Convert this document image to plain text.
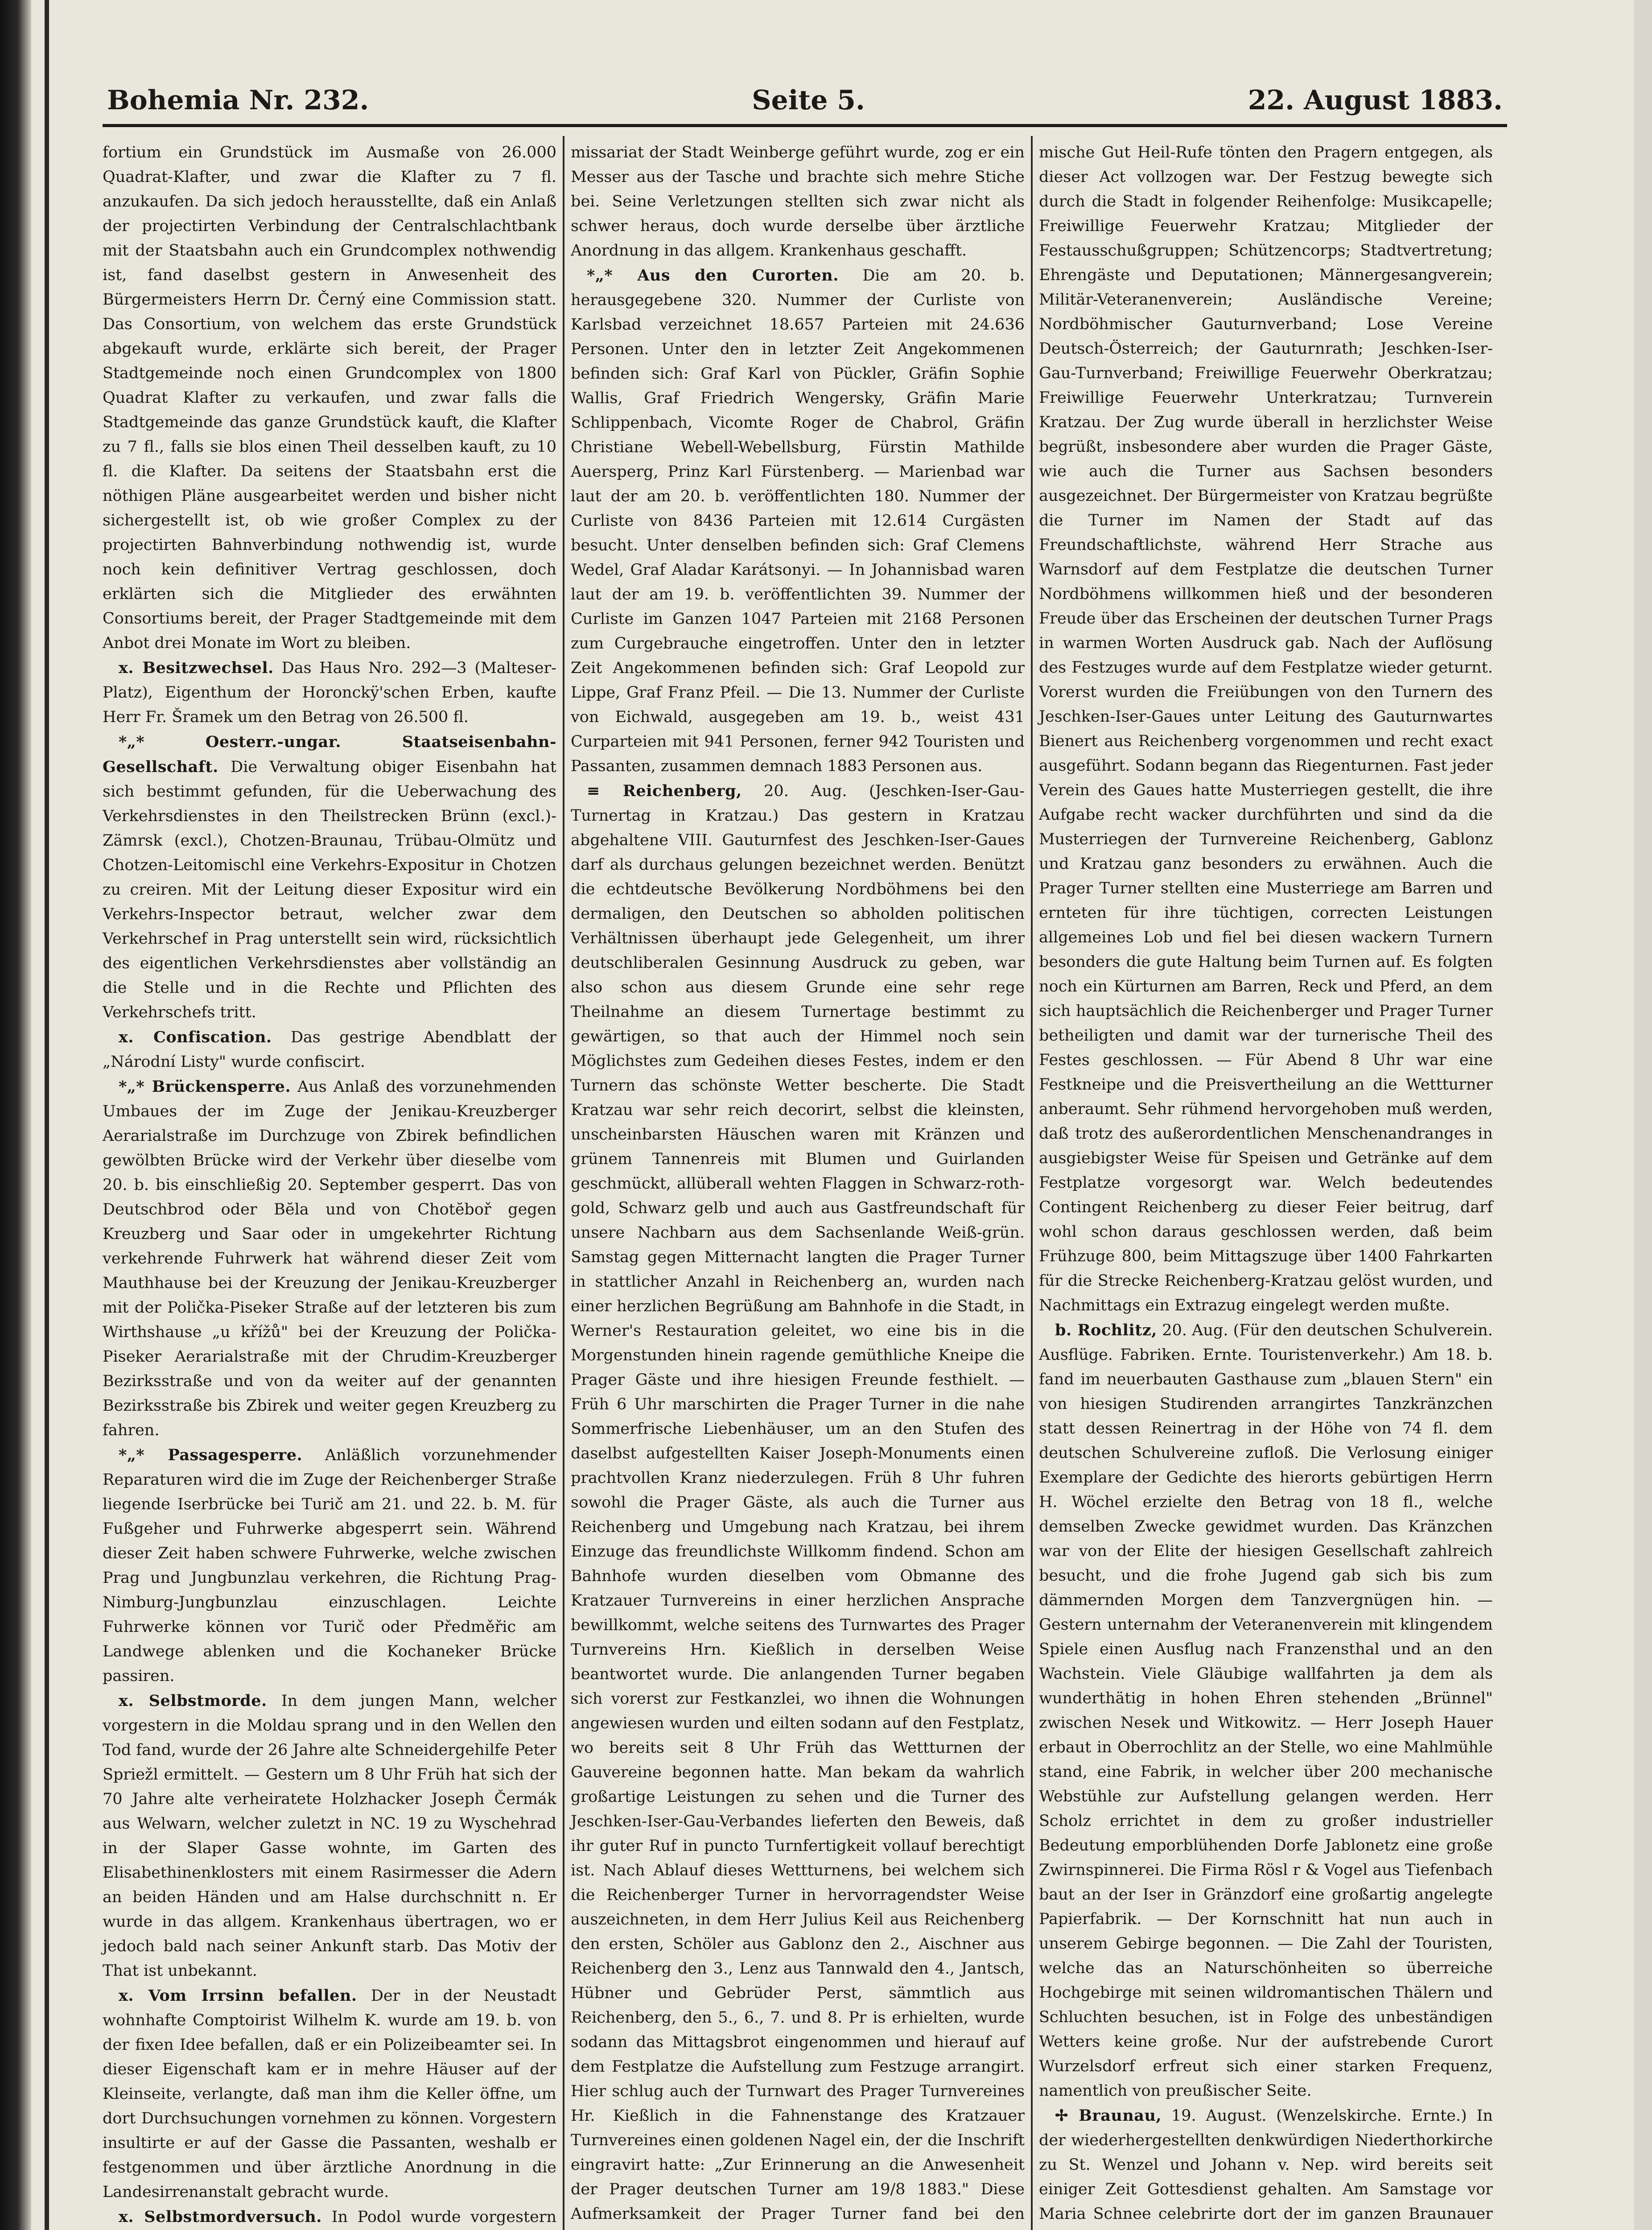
Bohemia Nr. 232.	Seite 5.	22. August 1883.

fortium ein Grundstück im Ausmaße von 26.000 Quadrat-Klafter, und zwar die Klafter zu 7 fl. anzukaufen. Da sich jedoch herausstellte, daß ein Anlaß der projectirten Verbindung der Centralschlachtbank mit der Staatsbahn auch ein Grundcomplex nothwendig ist, fand daselbst gestern in Anwesenheit des Bürgermeisters Herrn Dr. Černý eine Commission statt. Das Consortium, von welchem das erste Grundstück abgekauft wurde, erklärte sich bereit, der Prager Stadtgemeinde noch einen Grundcomplex von 1800 Quadrat Klafter zu verkaufen, und zwar falls die Stadtgemeinde das ganze Grundstück kauft, die Klafter zu 7 fl., falls sie blos einen Theil desselben kauft, zu 10 fl. die Klafter. Da seitens der Staatsbahn erst die nöthigen Pläne ausgearbeitet werden und bisher nicht sichergestellt ist, ob wie großer Complex zu der projectirten Bahnverbindung nothwendig ist, wurde noch kein definitiver Vertrag geschlossen, doch erklärten sich die Mitglieder des erwähnten Consortiums bereit, der Prager Stadtgemeinde mit dem Anbot drei Monate im Wort zu bleiben.

x. Besitzwechsel. Das Haus Nro. 292—3 (Malteser-Platz), Eigenthum der Horonckÿ'schen Erben, kaufte Herr Fr. Šramek um den Betrag von 26.500 fl.

*„* Oesterr.-ungar. Staatseisenbahn-Gesellschaft. Die Verwaltung obiger Eisenbahn hat sich bestimmt gefunden, für die Ueberwachung des Verkehrsdienstes in den Theilstrecken Brünn (excl.)-Zämrsk (excl.), Chotzen-Braunau, Trübau-Olmütz und Chotzen-Leitomischl eine Verkehrs-Expositur in Chotzen zu creiren. Mit der Leitung dieser Expositur wird ein Verkehrs-Inspector betraut, welcher zwar dem Verkehrschef in Prag unterstellt sein wird, rücksichtlich des eigentlichen Verkehrsdienstes aber vollständig an die Stelle und in die Rechte und Pflichten des Verkehrschefs tritt.

x. Confiscation. Das gestrige Abendblatt der „Národní Listy" wurde confiscirt.

*„* Brückensperre. Aus Anlaß des vorzunehmenden Umbaues der im Zuge der Jenikau-Kreuzberger Aerarialstraße im Durchzuge von Zbirek befindlichen gewölbten Brücke wird der Verkehr über dieselbe vom 20. b. bis einschließig 20. September gesperrt. Das von Deutschbrod oder Bĕla und von Chotĕboř gegen Kreuzberg und Saar oder in umgekehrter Richtung verkehrende Fuhrwerk hat während dieser Zeit vom Mauthhause bei der Kreuzung der Jenikau-Kreuzberger mit der Polička-Piseker Straße auf der letzteren bis zum Wirthshause „u křížů" bei der Kreuzung der Polička-Piseker Aerarialstraße mit der Chrudim-Kreuzberger Bezirksstraße und von da weiter auf der genannten Bezirksstraße bis Zbirek und weiter gegen Kreuzberg zu fahren.

*„* Passagesperre. Anläßlich vorzunehmender Reparaturen wird die im Zuge der Reichenberger Straße liegende Iserbrücke bei Turič am 21. und 22. b. M. für Fußgeher und Fuhrwerke abgesperrt sein. Während dieser Zeit haben schwere Fuhrwerke, welche zwischen Prag und Jungbunzlau verkehren, die Richtung Prag-Nimburg-Jungbunzlau einzuschlagen. Leichte Fuhrwerke können vor Turič oder Předměřic am Landwege ablenken und die Kochaneker Brücke passiren.

x. Selbstmorde. In dem jungen Mann, welcher vorgestern in die Moldau sprang und in den Wellen den Tod fand, wurde der 26 Jahre alte Schneidergehilfe Peter Spriežl ermittelt. — Gestern um 8 Uhr Früh hat sich der 70 Jahre alte verheiratete Holzhacker Joseph Čermák aus Welwarn, welcher zuletzt in NC. 19 zu Wyschehrad in der Slaper Gasse wohnte, im Garten des Elisabethinenklosters mit einem Rasirmesser die Adern an beiden Händen und am Halse durchschnitt n. Er wurde in das allgem. Krankenhaus übertragen, wo er jedoch bald nach seiner Ankunft starb. Das Motiv der That ist unbekannt.

x. Vom Irrsinn befallen. Der in der Neustadt wohnhafte Comptoirist Wilhelm K. wurde am 19. b. von der fixen Idee befallen, daß er ein Polizeibeamter sei. In dieser Eigenschaft kam er in mehre Häuser auf der Kleinseite, verlangte, daß man ihm die Keller öffne, um dort Durchsuchungen vornehmen zu können. Vorgestern insultirte er auf der Gasse die Passanten, weshalb er festgenommen und über ärztliche Anordnung in die Landesirrenanstalt gebracht wurde.

x. Selbstmordversuch. In Podol wurde vorgestern

missariat der Stadt Weinberge geführt wurde, zog er ein Messer aus der Tasche und brachte sich mehre Stiche bei. Seine Verletzungen stellten sich zwar nicht als schwer heraus, doch wurde derselbe über ärztliche Anordnung in das allgem. Krankenhaus geschafft.

*„* Aus den Curorten. Die am 20. b. herausgegebene 320. Nummer der Curliste von Karlsbad verzeichnet 18.657 Parteien mit 24.636 Personen. Unter den in letzter Zeit Angekommenen befinden sich: Graf Karl von Pückler, Gräfin Sophie Wallis, Graf Friedrich Wengersky, Gräfin Marie Schlippenbach, Vicomte Roger de Chabrol, Gräfin Christiane Webell-Webellsburg, Fürstin Mathilde Auersperg, Prinz Karl Fürstenberg. — Marienbad war laut der am 20. b. veröffentlichten 180. Nummer der Curliste von 8436 Parteien mit 12.614 Curgästen besucht. Unter denselben befinden sich: Graf Clemens Wedel, Graf Aladar Karátsonyi. — In Johannisbad waren laut der am 19. b. veröffentlichten 39. Nummer der Curliste im Ganzen 1047 Parteien mit 2168 Personen zum Curgebrauche eingetroffen. Unter den in letzter Zeit Angekommenen befinden sich: Graf Leopold zur Lippe, Graf Franz Pfeil. — Die 13. Nummer der Curliste von Eichwald, ausgegeben am 19. b., weist 431 Curparteien mit 941 Personen, ferner 942 Touristen und Passanten, zusammen demnach 1883 Personen aus.

≡ Reichenberg, 20. Aug. (Jeschken-Iser-Gau-Turnertag in Kratzau.) Das gestern in Kratzau abgehaltene VIII. Gauturnfest des Jeschken-Iser-Gaues darf als durchaus gelungen bezeichnet werden. Benützt die echtdeutsche Bevölkerung Nordböhmens bei den dermaligen, den Deutschen so abholden politischen Verhältnissen überhaupt jede Gelegenheit, um ihrer deutschliberalen Gesinnung Ausdruck zu geben, war also schon aus diesem Grunde eine sehr rege Theilnahme an diesem Turnertage bestimmt zu gewärtigen, so that auch der Himmel noch sein Möglichstes zum Gedeihen dieses Festes, indem er den Turnern das schönste Wetter bescherte. Die Stadt Kratzau war sehr reich decorirt, selbst die kleinsten, unscheinbarsten Häuschen waren mit Kränzen und grünem Tannenreis mit Blumen und Guirlanden geschmückt, allüberall wehten Flaggen in Schwarz-roth-gold, Schwarz gelb und auch aus Gastfreundschaft für unsere Nachbarn aus dem Sachsenlande Weiß-grün. Samstag gegen Mitternacht langten die Prager Turner in stattlicher Anzahl in Reichenberg an, wurden nach einer herzlichen Begrüßung am Bahnhofe in die Stadt, in Werner's Restauration geleitet, wo eine bis in die Morgenstunden hinein ragende gemüthliche Kneipe die Prager Gäste und ihre hiesigen Freunde festhielt. — Früh 6 Uhr marschirten die Prager Turner in die nahe Sommerfrische Liebenhäuser, um an den Stufen des daselbst aufgestellten Kaiser Joseph-Monuments einen prachtvollen Kranz niederzulegen. Früh 8 Uhr fuhren sowohl die Prager Gäste, als auch die Turner aus Reichenberg und Umgebung nach Kratzau, bei ihrem Einzuge das freundlichste Willkomm findend. Schon am Bahnhofe wurden dieselben vom Obmanne des Kratzauer Turnvereins in einer herzlichen Ansprache bewillkommt, welche seitens des Turnwartes des Prager Turnvereins Hrn. Kießlich in derselben Weise beantwortet wurde. Die anlangenden Turner begaben sich vorerst zur Festkanzlei, wo ihnen die Wohnungen angewiesen wurden und eilten sodann auf den Festplatz, wo bereits seit 8 Uhr Früh das Wettturnen der Gauvereine begonnen hatte. Man bekam da wahrlich großartige Leistungen zu sehen und die Turner des Jeschken-Iser-Gau-Verbandes lieferten den Beweis, daß ihr guter Ruf in puncto Turnfertigkeit vollauf berechtigt ist. Nach Ablauf dieses Wettturnens, bei welchem sich die Reichenberger Turner in hervorragendster Weise auszeichneten, in dem Herr Julius Keil aus Reichenberg den ersten, Schöler aus Gablonz den 2., Aischner aus Reichenberg den 3., Lenz aus Tannwald den 4., Jantsch, Hübner und Gebrüder Perst, sämmtlich aus Reichenberg, den 5., 6., 7. und 8. Pr is erhielten, wurde sodann das Mittagsbrot eingenommen und hierauf auf dem Festplatze die Aufstellung zum Festzuge arrangirt. Hier schlug auch der Turnwart des Prager Turnvereines Hr. Kießlich in die Fahnenstange des Kratzauer Turnvereines einen goldenen Nagel ein, der die Inschrift eingravirt hatte: „Zur Erinnerung an die Anwesenheit der Prager deutschen Turner am 19/8 1883." Diese Aufmerksamkeit der Prager Turner fand bei den

mische Gut Heil-Rufe tönten den Pragern entgegen, als dieser Act vollzogen war. Der Festzug bewegte sich durch die Stadt in folgender Reihenfolge: Musikcapelle; Freiwillige Feuerwehr Kratzau; Mitglieder der Festausschußgruppen; Schützencorps; Stadtvertretung; Ehrengäste und Deputationen; Männergesangverein; Militär-Veteranenverein; Ausländische Vereine; Nordböhmischer Gauturnverband; Lose Vereine Deutsch-Österreich; der Gauturnrath; Jeschken-Iser-Gau-Turnverband; Freiwillige Feuerwehr Oberkratzau; Freiwillige Feuerwehr Unterkratzau; Turnverein Kratzau. Der Zug wurde überall in herzlichster Weise begrüßt, insbesondere aber wurden die Prager Gäste, wie auch die Turner aus Sachsen besonders ausgezeichnet. Der Bürgermeister von Kratzau begrüßte die Turner im Namen der Stadt auf das Freundschaftlichste, während Herr Strache aus Warnsdorf auf dem Festplatze die deutschen Turner Nordböhmens willkommen hieß und der besonderen Freude über das Erscheinen der deutschen Turner Prags in warmen Worten Ausdruck gab. Nach der Auflösung des Festzuges wurde auf dem Festplatze wieder geturnt. Vorerst wurden die Freiübungen von den Turnern des Jeschken-Iser-Gaues unter Leitung des Gauturnwartes Bienert aus Reichenberg vorgenommen und recht exact ausgeführt. Sodann begann das Riegenturnen. Fast jeder Verein des Gaues hatte Musterriegen gestellt, die ihre Aufgabe recht wacker durchführten und sind da die Musterriegen der Turnvereine Reichenberg, Gablonz und Kratzau ganz besonders zu erwähnen. Auch die Prager Turner stellten eine Musterriege am Barren und ernteten für ihre tüchtigen, correcten Leistungen allgemeines Lob und fiel bei diesen wackern Turnern besonders die gute Haltung beim Turnen auf. Es folgten noch ein Kürturnen am Barren, Reck und Pferd, an dem sich hauptsächlich die Reichenberger und Prager Turner betheiligten und damit war der turnerische Theil des Festes geschlossen. — Für Abend 8 Uhr war eine Festkneipe und die Preisvertheilung an die Wettturner anberaumt. Sehr rühmend hervorgehoben muß werden, daß trotz des außerordentlichen Menschenandranges in ausgiebigster Weise für Speisen und Getränke auf dem Festplatze vorgesorgt war. Welch bedeutendes Contingent Reichenberg zu dieser Feier beitrug, darf wohl schon daraus geschlossen werden, daß beim Frühzuge 800, beim Mittagszuge über 1400 Fahrkarten für die Strecke Reichenberg-Kratzau gelöst wurden, und Nachmittags ein Extrazug eingelegt werden mußte.

b. Rochlitz, 20. Aug. (Für den deutschen Schulverein. Ausflüge. Fabriken. Ernte. Touristenverkehr.) Am 18. b. fand im neuerbauten Gasthause zum „blauen Stern" ein von hiesigen Studirenden arrangirtes Tanzkränzchen statt dessen Reinertrag in der Höhe von 74 fl. dem deutschen Schulvereine zufloß. Die Verlosung einiger Exemplare der Gedichte des hierorts gebürtigen Herrn H. Wöchel erzielte den Betrag von 18 fl., welche demselben Zwecke gewidmet wurden. Das Kränzchen war von der Elite der hiesigen Gesellschaft zahlreich besucht, und die frohe Jugend gab sich bis zum dämmernden Morgen dem Tanzvergnügen hin. — Gestern unternahm der Veteranenverein mit klingendem Spiele einen Ausflug nach Franzensthal und an den Wachstein. Viele Gläubige wallfahrten ja dem als wunderthätig in hohen Ehren stehenden „Brünnel" zwischen Nesek und Witkowitz. — Herr Joseph Hauer erbaut in Oberrochlitz an der Stelle, wo eine Mahlmühle stand, eine Fabrik, in welcher über 200 mechanische Webstühle zur Aufstellung gelangen werden. Herr Scholz errichtet in dem zu großer industrieller Bedeutung emporblühenden Dorfe Jablonetz eine große Zwirnspinnerei. Die Firma Rösl r & Vogel aus Tiefenbach baut an der Iser in Gränzdorf eine großartig angelegte Papierfabrik. — Der Kornschnitt hat nun auch in unserem Gebirge begonnen. — Die Zahl der Touristen, welche das an Naturschönheiten so überreiche Hochgebirge mit seinen wildromantischen Thälern und Schluchten besuchen, ist in Folge des unbeständigen Wetters keine große. Nur der aufstrebende Curort Wurzelsdorf erfreut sich einer starken Frequenz, namentlich von preußischer Seite.

✢ Braunau, 19. August. (Wenzelskirche. Ernte.) In der wiederhergestellten denkwürdigen Niederthorkirche zu St. Wenzel und Johann v. Nep. wird bereits seit einiger Zeit Gottesdienst gehalten. Am Samstage vor Maria Schnee celebrirte dort der im ganzen Braunauer
